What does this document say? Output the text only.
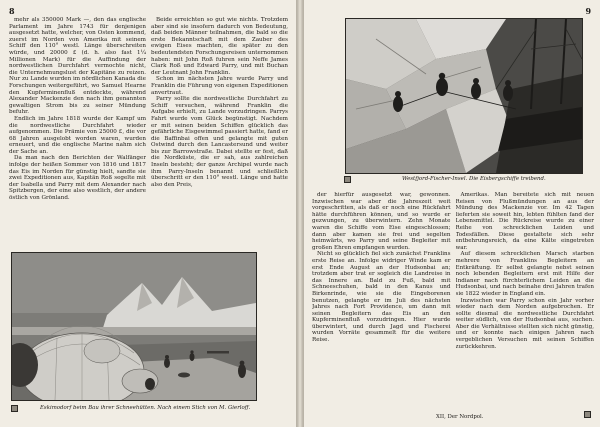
8

mehr als 350000 Mark —, den das englische Parlament im Jahre 1743 für denjenigen ausgesetzt hatte, welcher, von Osten kommend, zuerst im Norden von Amerika mit seinem Schiff den 110° westl. Länge überschreiten würde, und 20000 £ (d. h. also fast 1¼ Millionen Mark) für die Auffindung der nordwestlichen Durchfahrt vermochte nicht, die Unternehmungslust der Kapitäne zu reizen. Nur zu Lande wurden im nördlichen Kanada die Forschungen weitergeführt, wo Samuel Hearne den Kupferminenfluß entdeckte, während Alexander Mackenzie den nach ihm genannten gewaltigen Strom bis zu seiner Mündung befuhr.

Endlich im Jahre 1818 wurde der Kampf um die nordwestliche Durchfahrt wieder aufgenommen. Die Prämie von 25000 £, die vor 68 Jahren ausgelobt worden waren, wurden erneuert, und die englische Marine nahm sich der Sache an.

Da man nach den Berichten der Walfänger infolge der heißen Sommer von 1816 und 1817 das Eis im Norden für günstig hielt, sandte sie zwei Expeditionen aus, Kapitän Roß segelte mit der Isabella und Parry mit dem Alexander nach Spitzbergen, der eine also westlich, der andere östlich von Grönland.

Beide erreichten so gut wie nichts. Trotzdem aber sind sie insofern dadurch von Bedeutung, daß beiden Männer teilnahmen, die bald so die erste Bekanntschaft mit dem Zauber des ewigen Eises machten, die später zu den bedeutendsten Forschungsreisen unternommen haben: mit John Roß fuhren sein Neffe James Clark Roß und Edward Parry, und mit Buchan der Leutnant John Franklin.

Schon im nächsten Jahre wurde Parry und Franklin die Führung von eigenen Expeditionen anvertraut.

Parry sollte die nordwestliche Durchfahrt zu Schiff versuchen, während Franklin die Aufgabe erhielt, zu Lande vorzudringen. Parrys Fahrt wurde vom Glück begünstigt. Nachdem er mit seinen beiden Schiffen glücklich das gefährliche Eisgewimmel passiert hatte, fand er die Baffinbai offen und gelangte mit guten Ostwind durch den Lancastersund und weiter bis zur Barrowstraße. Dabei stellte er fest, daß die Nordküste, die er sah, aus zahlreichen Inseln besteht; der ganze Archipel wurde nach ihm Parry-Inseln benannt und schließlich überschritt er den 110° westl. Länge und hatte also den Preis,

Eskimodorf beim Bau ihrer Schneehütten. Nach einem Stich von M. Gierloff.
9
Westfjord-Fischer-Insel. Die Eisbergschiffe treibend.

der hierfür ausgesetzt war, gewonnen. Inzwischen war aber die Jahreszeit weit vorgeschritten, als daß er noch eine Rückfahrt hätte durchführen können, und so wurde er gezwungen, zu überwintern. Zehn Monate waren die Schiffe vom Eise eingeschlossen; dann aber kamen sie frei und segelten heimwärts, wo Parry und seine Begleiter mit großen Ehren empfangen wurden.

Nicht so glücklich fiel sich zunächst Franklins erste Reise an. Infolge widriger Winde kam er erst Ende August an der Hudsonbai an; trotzdem aber trat er sogleich die Landreise in das Innere an. Bald zu Fuß, bald mit Schneeschuhen, bald in den Kanus und Birkenrinde, wie sie die Eingeborenen benutzen, gelangte er im Juli des nächsten Jahres nach Fort Providence, um dann mit seinen Begleitern das Eis an den Kupferminenfluß vorzudringen. Hier wurde überwintert, und durch Jagd und Fischerei wurden Vorräte gesammelt für die weitere Reise.

Amerikas. Man bereitete sich mit neuen Reisen von Flußmündungen an aus der Mündung des Mackenzie vor. Im 42 Tagen lieferten sie soweit hin, lebten fühlten fand der Lebensmittel. Die Rückreise wurde zu einer Reihe von schrecklichen Leiden und Todesfällen. Diese gestaltete sich sehr entbehrungsreich, da eine Kälte eingetreten war.

Auf diesem schrecklichen Marsch starben mehrere von Franklins Begleitern an Entkräftung. Er selbst gelangte nebst seinen noch lebenden Begleitern erst mit Hilfe der Indianer nach fürchterlichem Leiden an die Hudsonbai, und nach beinahe drei Jahren trafen sie 1822 wieder in England ein.

Inzwischen war Parry schon ein Jahr vorher wieder nach dem Norden aufgebrochen. Er sollte diesmal die nordwestliche Durchfahrt weiter südlich, von der Hudsonbai aus, suchen. Aber die Verhältnisse stellten sich nicht günstig, und er konnte nach einigen Jahren nach vergeblichen Versuchen mit seinen Schiffen zurückkehren.

XII, Der Nordpol.
